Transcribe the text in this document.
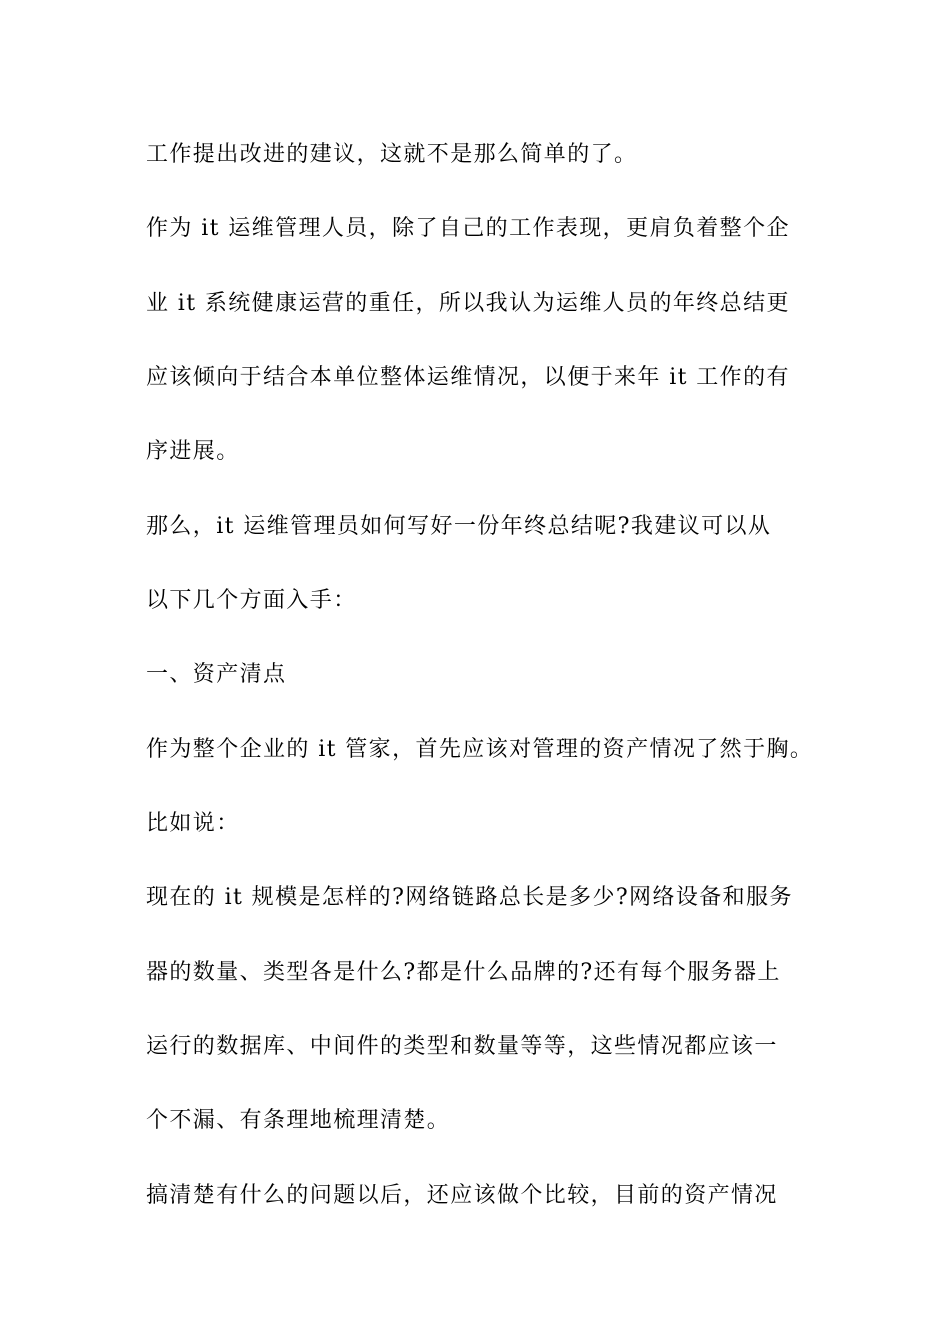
工作提出改进的建议，这就不是那么简单的了。
作为 it 运维管理人员，除了自己的工作表现，更肩负着整个企
业 it 系统健康运营的重任，所以我认为运维人员的年终总结更
应该倾向于结合本单位整体运维情况，以便于来年 it 工作的有
序进展。
那么，it 运维管理员如何写好一份年终总结呢?我建议可以从
以下几个方面入手：
一、资产清点
作为整个企业的 it 管家，首先应该对管理的资产情况了然于胸。
比如说：
现在的 it 规模是怎样的?网络链路总长是多少?网络设备和服务
器的数量、类型各是什么?都是什么品牌的?还有每个服务器上
运行的数据库、中间件的类型和数量等等，这些情况都应该一
个不漏、有条理地梳理清楚。
搞清楚有什么的问题以后，还应该做个比较，目前的资产情况
